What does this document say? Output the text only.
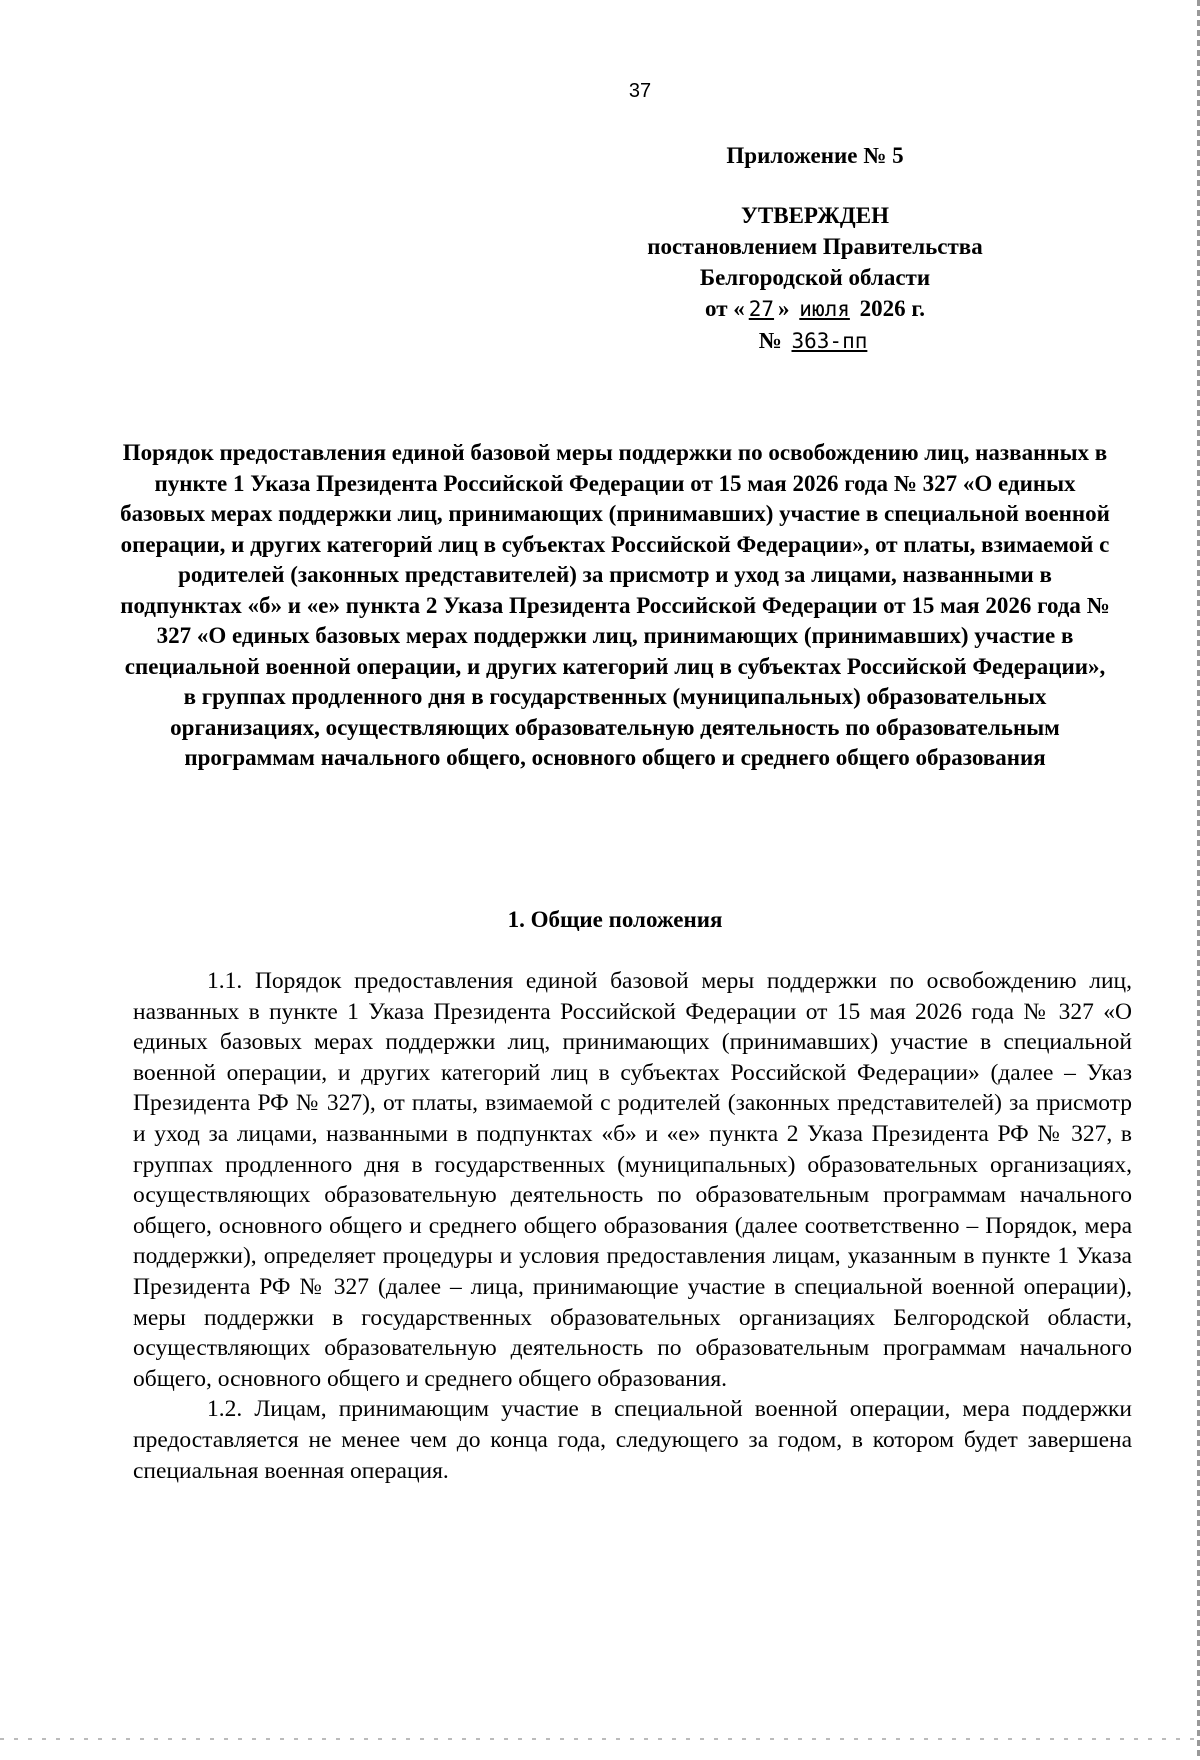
37
Приложение № 5
УТВЕРЖДЕН
постановлением Правительства
Белгородской области
от « 27 » июля 2026 г.
№ 363-пп
Порядок предоставления единой базовой меры поддержки по освобождению лиц, названных в пункте 1 Указа Президента Российской Федерации от 15 мая 2026 года № 327 «О единых базовых мерах поддержки лиц, принимающих (принимавших) участие в специальной военной операции, и других категорий лиц в субъектах Российской Федерации», от платы, взимаемой с родителей (законных представителей) за присмотр и уход за лицами, названными в подпунктах «б» и «е» пункта 2 Указа Президента Российской Федерации от 15 мая 2026 года № 327 «О единых базовых мерах поддержки лиц, принимающих (принимавших) участие в специальной военной операции, и других категорий лиц в субъектах Российской Федерации», в группах продленного дня в государственных (муниципальных) образовательных организациях, осуществляющих образовательную деятельность по образовательным программам начального общего, основного общего и среднего общего образования
1. Общие положения

1.1. Порядок предоставления единой базовой меры поддержки по освобождению лиц, названных в пункте 1 Указа Президента Российской Федерации от 15 мая 2026 года № 327 «О единых базовых мерах поддержки лиц, принимающих (принимавших) участие в специальной военной операции, и других категорий лиц в субъектах Российской Федерации» (далее – Указ Президента РФ № 327), от платы, взимаемой с родителей (законных представителей) за присмотр и уход за лицами, названными в подпунктах «б» и «е» пункта 2 Указа Президента РФ № 327, в группах продленного дня в государственных (муниципальных) образовательных организациях, осуществляющих образовательную деятельность по образовательным программам начального общего, основного общего и среднего общего образования (далее соответственно – Порядок, мера поддержки), определяет процедуры и условия предоставления лицам, указанным в пункте 1 Указа Президента РФ № 327 (далее – лица, принимающие участие в специальной военной операции), меры поддержки в государственных образовательных организациях Белгородской области, осуществляющих образовательную деятельность по образовательным программам начального общего, основного общего и среднего общего образования.

1.2. Лицам, принимающим участие в специальной военной операции, мера поддержки предоставляется не менее чем до конца года, следующего за годом, в котором будет завершена специальная военная операция.
